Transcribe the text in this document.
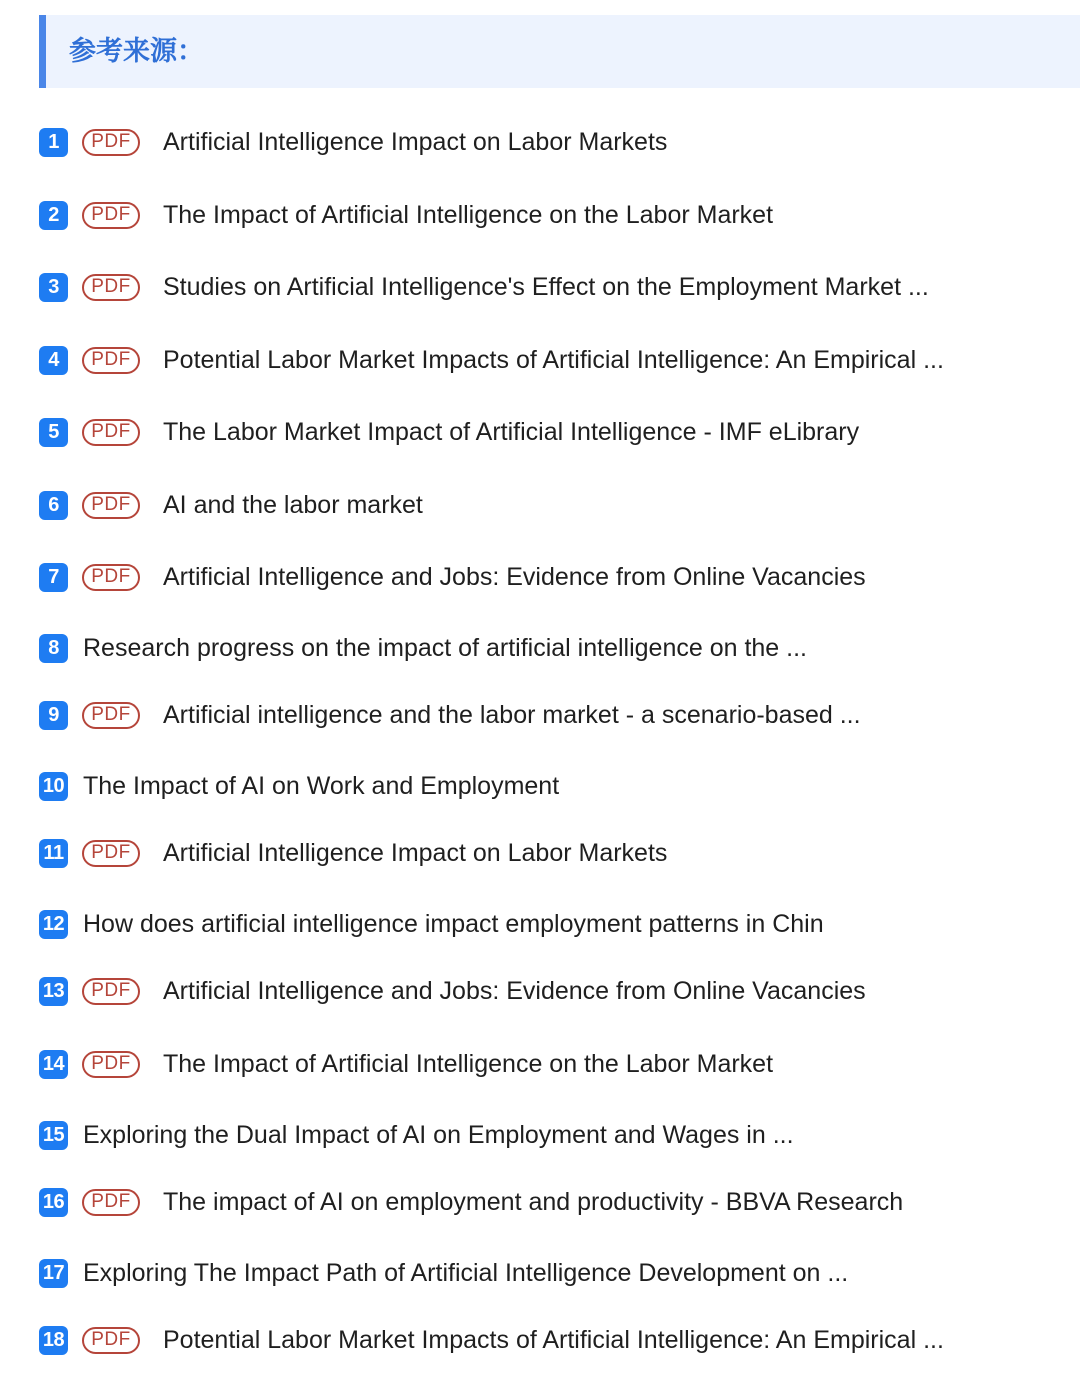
参考来源：
1	PDF	Artificial Intelligence Impact on Labor Markets
2	PDF	The Impact of Artificial Intelligence on the Labor Market
3	PDF	Studies on Artificial Intelligence's Effect on the Employment Market ...
4	PDF	Potential Labor Market Impacts of Artificial Intelligence: An Empirical ...
5	PDF	The Labor Market Impact of Artificial Intelligence - IMF eLibrary
6	PDF	AI and the labor market
7	PDF	Artificial Intelligence and Jobs: Evidence from Online Vacancies
8 Research progress on the impact of artificial intelligence on the ...
9	PDF	Artificial intelligence and the labor market - a scenario-based ...
10 The Impact of AI on Work and Employment
11	PDF	Artificial Intelligence Impact on Labor Markets
12 How does artificial intelligence impact employment patterns in Chin
13	PDF	Artificial Intelligence and Jobs: Evidence from Online Vacancies
14	PDF	The Impact of Artificial Intelligence on the Labor Market
15 Exploring the Dual Impact of AI on Employment and Wages in ...
16	PDF	The impact of AI on employment and productivity - BBVA Research
17 Exploring The Impact Path of Artificial Intelligence Development on ...
18	PDF	Potential Labor Market Impacts of Artificial Intelligence: An Empirical ...
